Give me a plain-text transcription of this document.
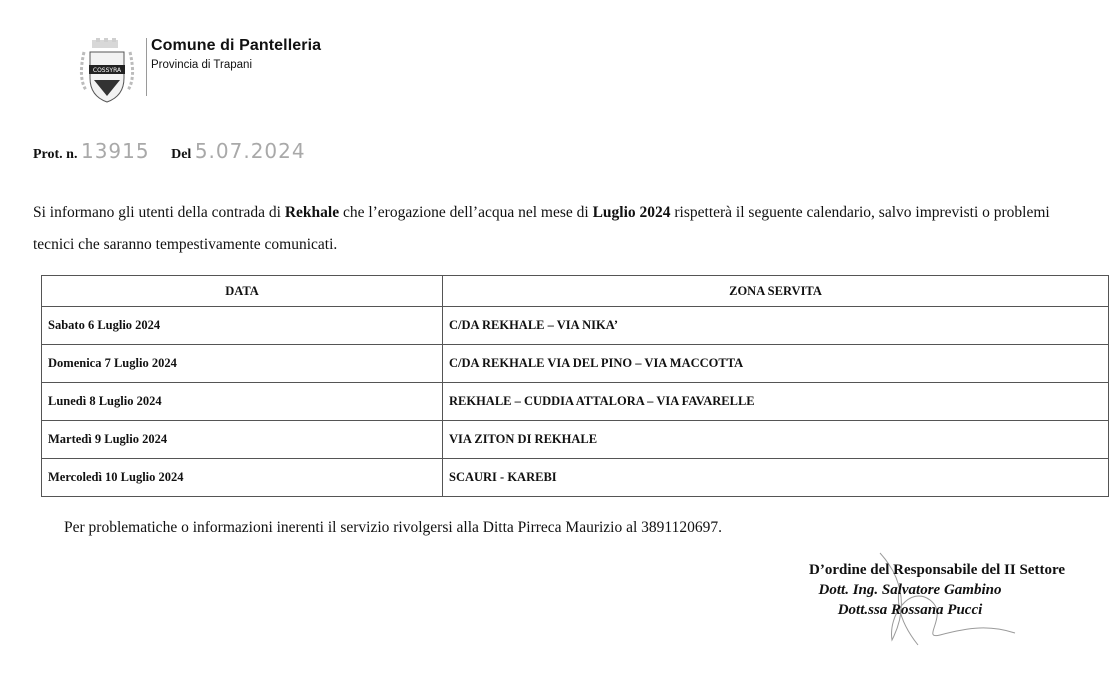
COSSYRA
Comune di Pantelleria
Provincia di Trapani
Prot. n. 13915 Del 5.07.2024
Si informano gli utenti della contrada di Rekhale che l’erogazione dell’acqua nel mese di Luglio 2024 rispetterà il seguente calendario, salvo imprevisti o problemi tecnici che saranno tempestivamente comunicati.
DATA	ZONA SERVITA
Sabato 6 Luglio 2024	C/DA REKHALE – VIA NIKA’
Domenica 7 Luglio 2024	C/DA REKHALE VIA DEL PINO – VIA MACCOTTA
Lunedì 8 Luglio 2024	REKHALE – CUDDIA ATTALORA – VIA FAVARELLE
Martedì 9 Luglio 2024	VIA ZITON DI REKHALE
Mercoledì 10 Luglio 2024	SCAURI - KAREBI
Per problematiche o informazioni inerenti il servizio rivolgersi alla Ditta Pirreca Maurizio al 3891120697.
D’ordine del Responsabile del II Settore
Dott. Ing. Salvatore Gambino
Dott.ssa Rossana Pucci
